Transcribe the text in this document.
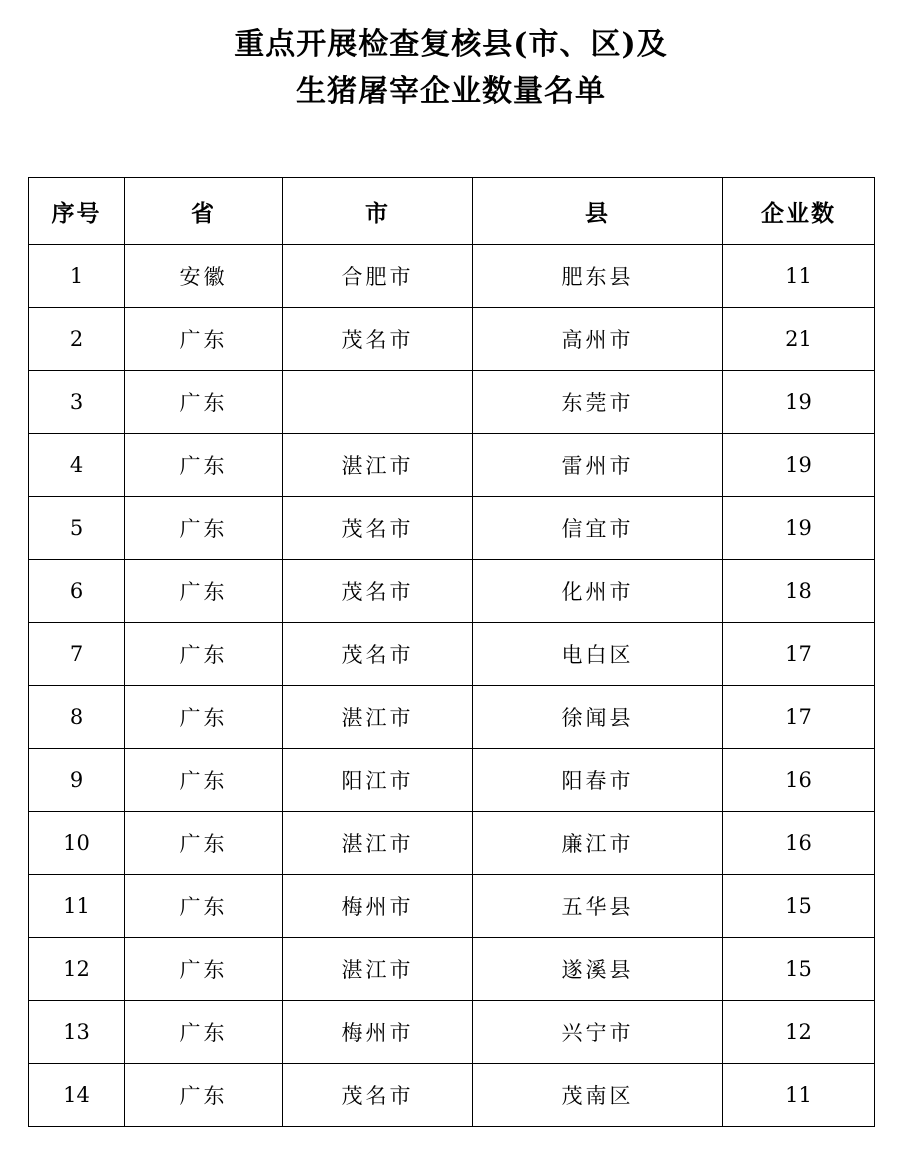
重点开展检查复核县(市、区)及
生猪屠宰企业数量名单
序号	省	市	县	企业数
1	安徽	合肥市	肥东县	11
2	广东	茂名市	高州市	21
3	广东		东莞市	19
4	广东	湛江市	雷州市	19
5	广东	茂名市	信宜市	19
6	广东	茂名市	化州市	18
7	广东	茂名市	电白区	17
8	广东	湛江市	徐闻县	17
9	广东	阳江市	阳春市	16
10	广东	湛江市	廉江市	16
11	广东	梅州市	五华县	15
12	广东	湛江市	遂溪县	15
13	广东	梅州市	兴宁市	12
14	广东	茂名市	茂南区	11
